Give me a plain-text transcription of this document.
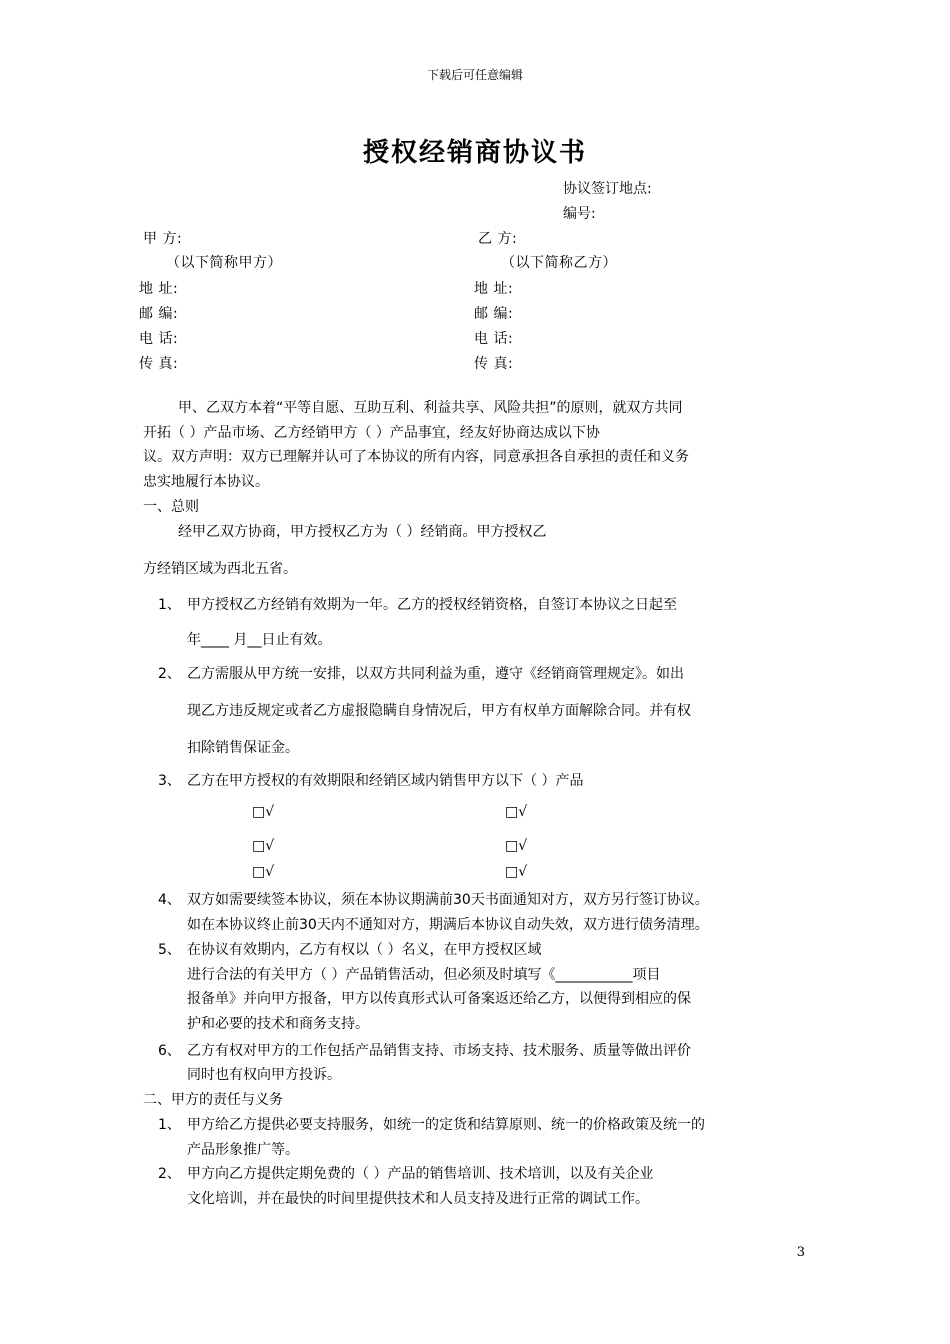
下载后可任意编辑
授权经销商协议书
协议签订地点:
编号:
甲 方:
（以下简称甲方）
地 址:
邮 编:
电 话:
传 真:
乙 方:
（以下简称乙方）
地 址:
邮 编:
电 话:
传 真:
甲、乙双方本着“平等自愿、互助互利、利益共享、风险共担”的原则，就双方共同
开拓（ ）产品市场、乙方经销甲方（ ）产品事宜，经友好协商达成以下协
议。双方声明：双方已理解并认可了本协议的所有内容，同意承担各自承担的责任和义务
忠实地履行本协议。
一、总则
经甲乙双方协商，甲方授权乙方为（ ）经销商。甲方授权乙
方经销区域为西北五省。
1、 甲方授权乙方经销有效期为一年。乙方的授权经销资格，自签订本协议之日起至
年____ 月__日止有效。
2、 乙方需服从甲方统一安排，以双方共同利益为重，遵守《经销商管理规定》。如出
现乙方违反规定或者乙方虚报隐瞒自身情况后，甲方有权单方面解除合同。并有权
扣除销售保证金。
3、 乙方在甲方授权的有效期限和经销区域内销售甲方以下（ ）产品
□√	□√
□√	□√
□√	□√
4、 双方如需要续签本协议，须在本协议期满前30天书面通知对方，双方另行签订协议。
如在本协议终止前30天内不通知对方，期满后本协议自动失效，双方进行债务清理。
5、 在协议有效期内，乙方有权以（ ）名义，在甲方授权区域
进行合法的有关甲方（ ）产品销售活动，但必须及时填写《___________项目
报备单》并向甲方报备，甲方以传真形式认可备案返还给乙方，以便得到相应的保
护和必要的技术和商务支持。
6、 乙方有权对甲方的工作包括产品销售支持、市场支持、技术服务、质量等做出评价
同时也有权向甲方投诉。
二、甲方的责任与义务
1、 甲方给乙方提供必要支持服务，如统一的定货和结算原则、统一的价格政策及统一的
产品形象推广等。
2、 甲方向乙方提供定期免费的（ ）产品的销售培训、技术培训，以及有关企业
文化培训，并在最快的时间里提供技术和人员支持及进行正常的调试工作。
3
